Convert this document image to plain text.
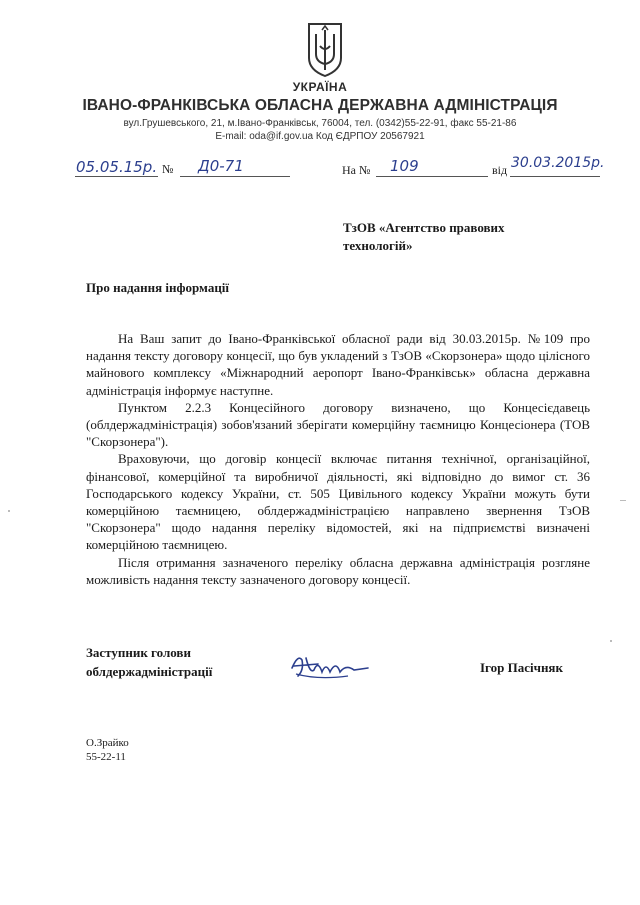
УКРАЇНА
ІВАНО-ФРАНКІВСЬКА ОБЛАСНА ДЕРЖАВНА АДМІНІСТРАЦІЯ
вул.Грушевського, 21, м.Івано-Франківськ, 76004, тел. (0342)55-22-91, факс 55-21-86
E-mail: oda@if.gov.ua Код ЄДРПОУ 20567921
05.05.15р. № Д0-71	На № 109	від 30.03.2015р.
ТзОВ «Агентство правових
технологій»
Про надання інформації

На Ваш запит до Івано-Франківської обласної ради від 30.03.2015р. №109 про надання тексту договору концесії, що був укладений з ТзОВ «Скорзонера» щодо цілісного майнового комплексу «Міжнародний аеропорт Івано-Франківськ» обласна державна адміністрація інформує наступне.

Пунктом 2.2.3 Концесійного договору визначено, що Концесієдавець (облдержадміністрація) зобов'язаний зберігати комерційну таємницю Концесіонера (ТОВ "Скорзонера").

Враховуючи, що договір концесії включає питання технічної, організаційної, фінансової, комерційної та виробничої діяльності, які відповідно до вимог ст. 36 Господарського кодексу України, ст. 505 Цивільного кодексу України можуть бути комерційною таємницею, облдержадміністрацією направлено звернення ТзОВ "Скорзонера" щодо надання переліку відомостей, які на підприємстві визначені комерційною таємницею.

Після отримання зазначеного переліку обласна державна адміністрація розгляне можливість надання тексту зазначеного договору концесії.

Заступник голови
облдержадміністрації	Ігор Пасічняк
О.Зрайко
55-22-11
